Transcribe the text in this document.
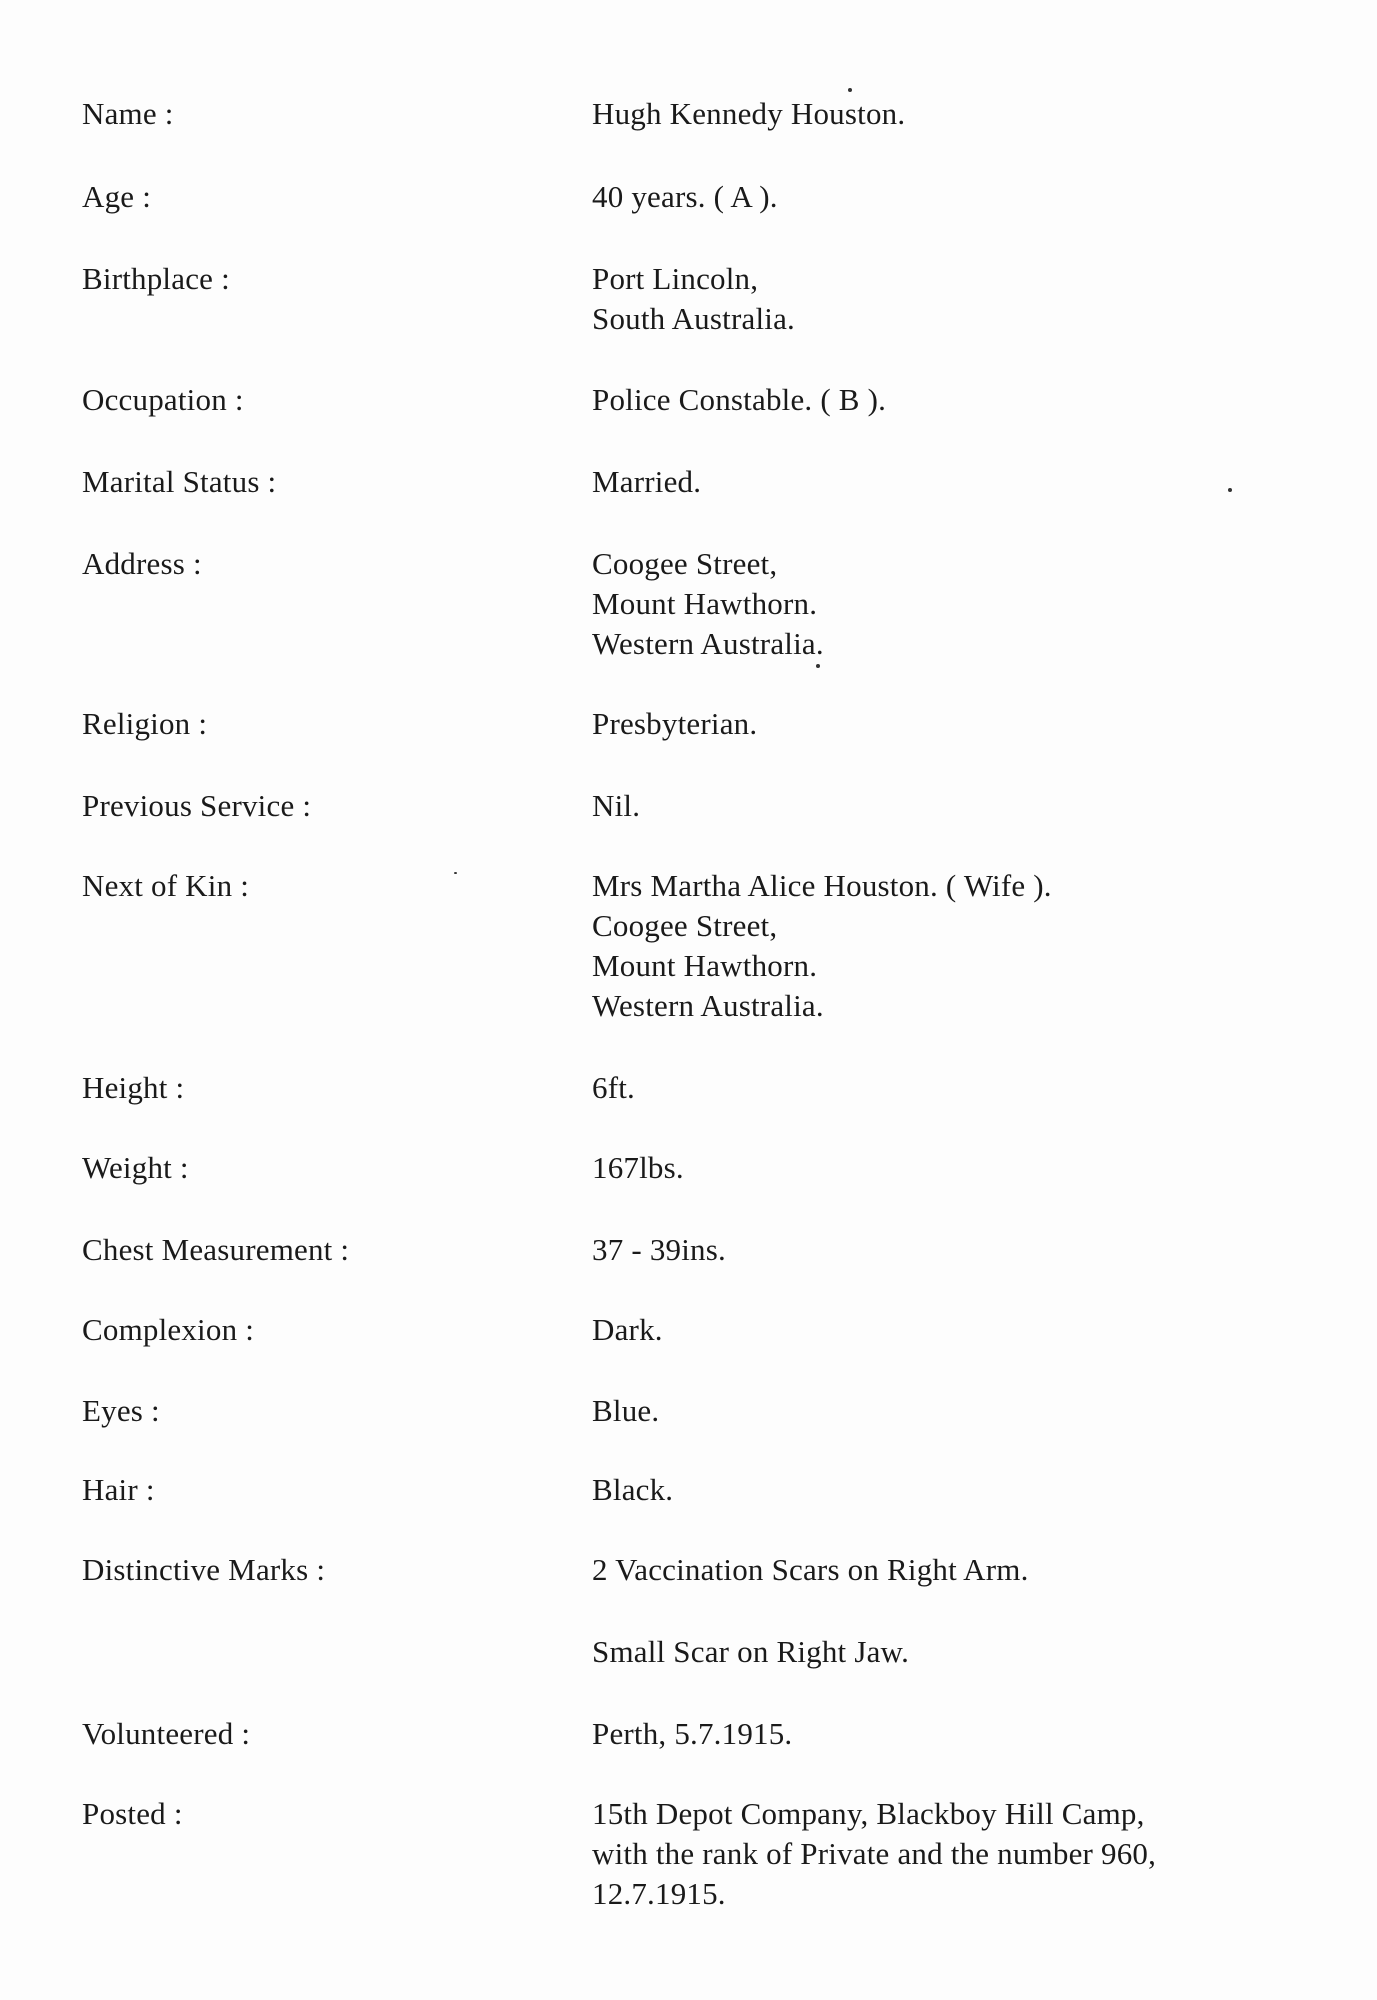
Name :	Hugh Kennedy Houston.
Age :	40 years. ( A ).
Birthplace :	Port Lincoln,
South Australia.
Occupation :	Police Constable. ( B ).
Marital Status :	Married.
Address :	Coogee Street,
Mount Hawthorn.
Western Australia.
Religion :	Presbyterian.
Previous Service :	Nil.
Next of Kin :	Mrs Martha Alice Houston. ( Wife ).
Coogee Street,
Mount Hawthorn.
Western Australia.
Height :	6ft.
Weight :	167lbs.
Chest Measurement :	37 - 39ins.
Complexion :	Dark.
Eyes :	Blue.
Hair :	Black.
Distinctive Marks :	2 Vaccination Scars on Right Arm.
Small Scar on Right Jaw.
Volunteered :	Perth, 5.7.1915.
Posted :	15th Depot Company, Blackboy Hill Camp,
with the rank of Private and the number 960,
12.7.1915.
